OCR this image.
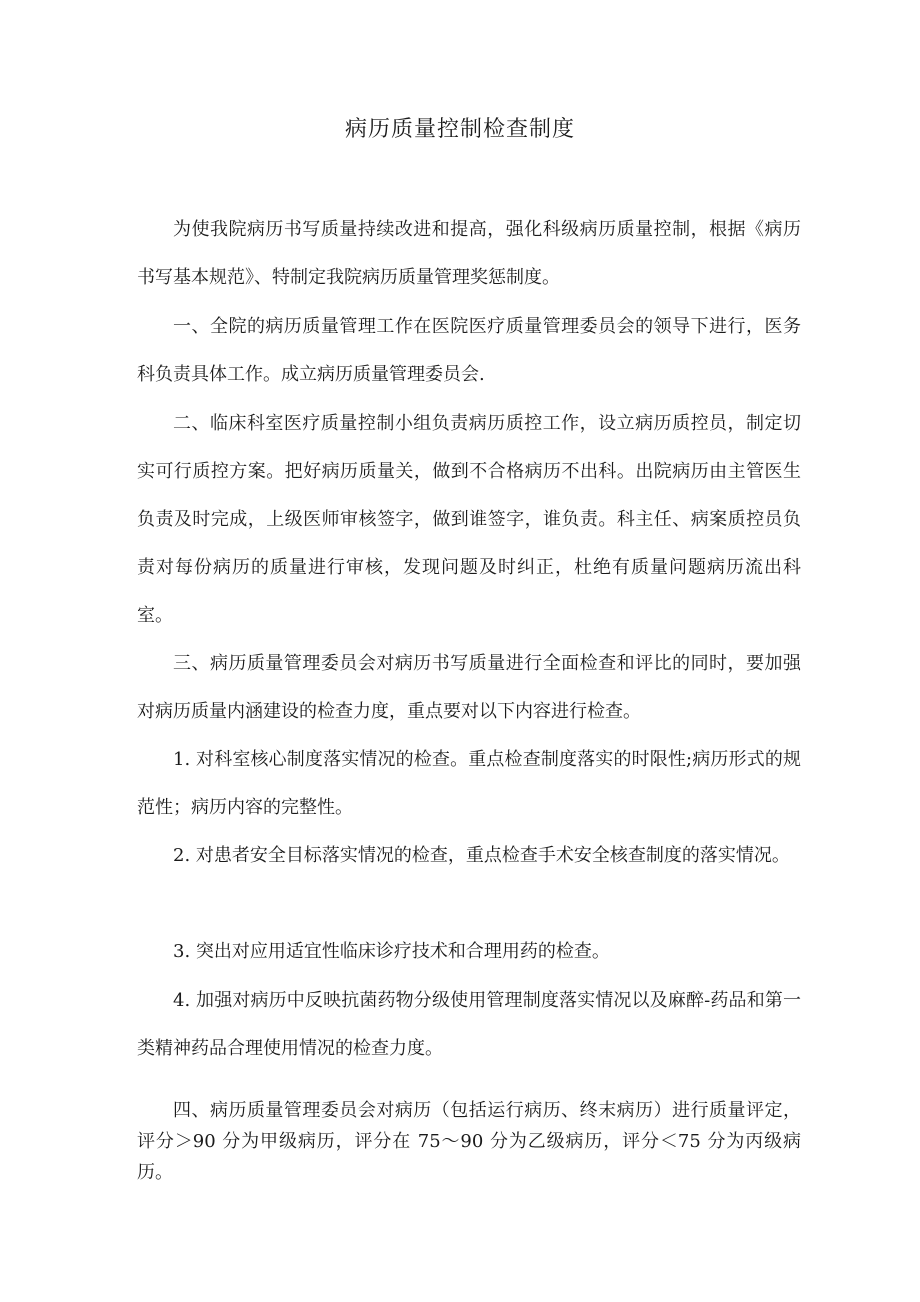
病历质量控制检查制度

为使我院病历书写质量持续改进和提高，强化科级病历质量控制，根据《病历书写基本规范》、特制定我院病历质量管理奖惩制度。

一、全院的病历质量管理工作在医院医疗质量管理委员会的领导下进行，医务科负责具体工作。成立病历质量管理委员会.

二、临床科室医疗质量控制小组负责病历质控工作，设立病历质控员，制定切实可行质控方案。把好病历质量关，做到不合格病历不出科。出院病历由主管医生负责及时完成，上级医师审核签字，做到谁签字，谁负责。科主任、病案质控员负责对每份病历的质量进行审核，发现问题及时纠正，杜绝有质量问题病历流出科室。

三、病历质量管理委员会对病历书写质量进行全面检查和评比的同时，要加强对病历质量内涵建设的检查力度，重点要对以下内容进行检查。

1. 对科室核心制度落实情况的检查。重点检查制度落实的时限性;病历形式的规范性；病历内容的完整性。

2. 对患者安全目标落实情况的检查，重点检查手术安全核查制度的落实情况。

3. 突出对应用适宜性临床诊疗技术和合理用药的检查。

4. 加强对病历中反映抗菌药物分级使用管理制度落实情况以及麻醉-药品和第一类精神药品合理使用情况的检查力度。

四、病历质量管理委员会对病历（包括运行病历、终末病历）进行质量评定，评分＞90 分为甲级病历，评分在 75～90 分为乙级病历，评分＜75 分为丙级病历。
